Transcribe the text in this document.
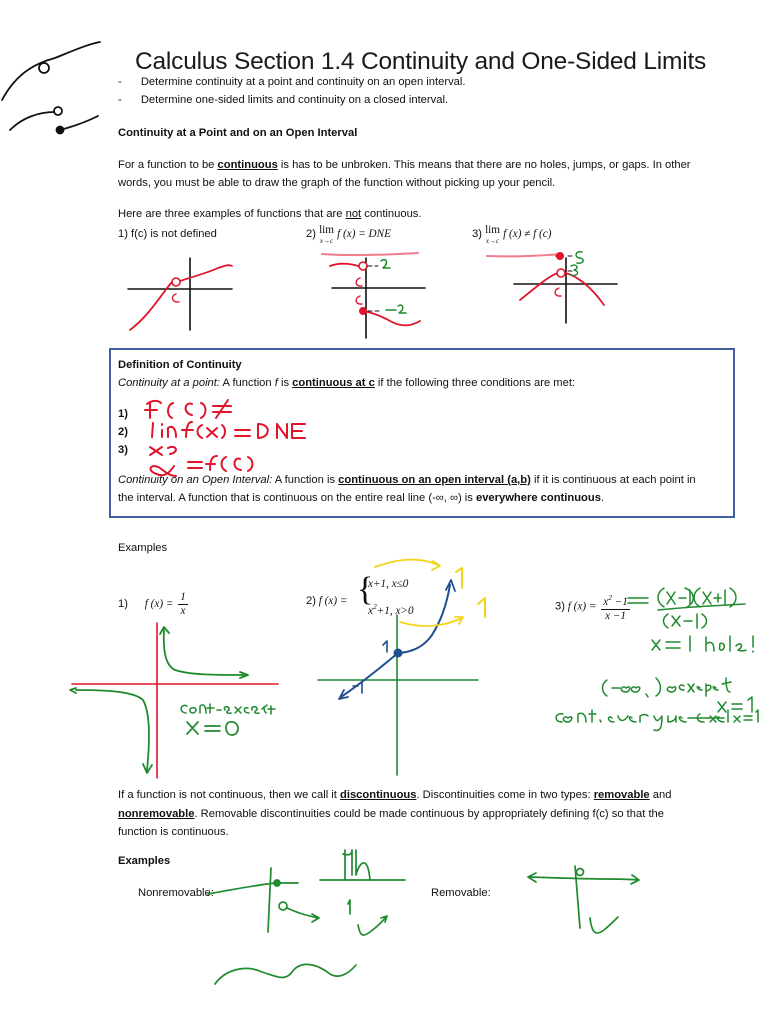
Calculus Section 1.4 Continuity and One-Sided Limits
- Determine continuity at a point and continuity on an open interval.
- Determine one-sided limits and continuity on a closed interval.
Continuity at a Point and on an Open Interval
For a function to be continuous is has to be unbroken. This means that there are no holes, jumps, or gaps. In other
words, you must be able to draw the graph of the function without picking up your pencil.
Here are three examples of functions that are not continuous.
1) f(c) is not defined	2) lim
x→c f (x) = DNE	3) lim
x→c f (x) ≠ f (c)
Definition of Continuity
Continuity at a point: A function f is continuous at c if the following three conditions are met:
1)
2)
3)
Continuity on an Open Interval: A function is continuous on an open interval (a,b) if it is continuous at each point in
the interval. A function that is continuous on the entire real line (-∞, ∞) is everywhere continuous.
Examples
1) f $(x) = \frac{1}{x}$	2) f (x) = {
x+1, x≤0
$x^2+1$, x>0	3) f $(x) = \frac{x^2 -1}{x -1}$
If a function is not continuous, then we call it discontinuous. Discontinuities come in two types: removable and
nonremovable. Removable discontinuities could be made continuous by appropriately defining f(c) so that the
function is continuous.
Examples
Nonremovable:	Removable:
